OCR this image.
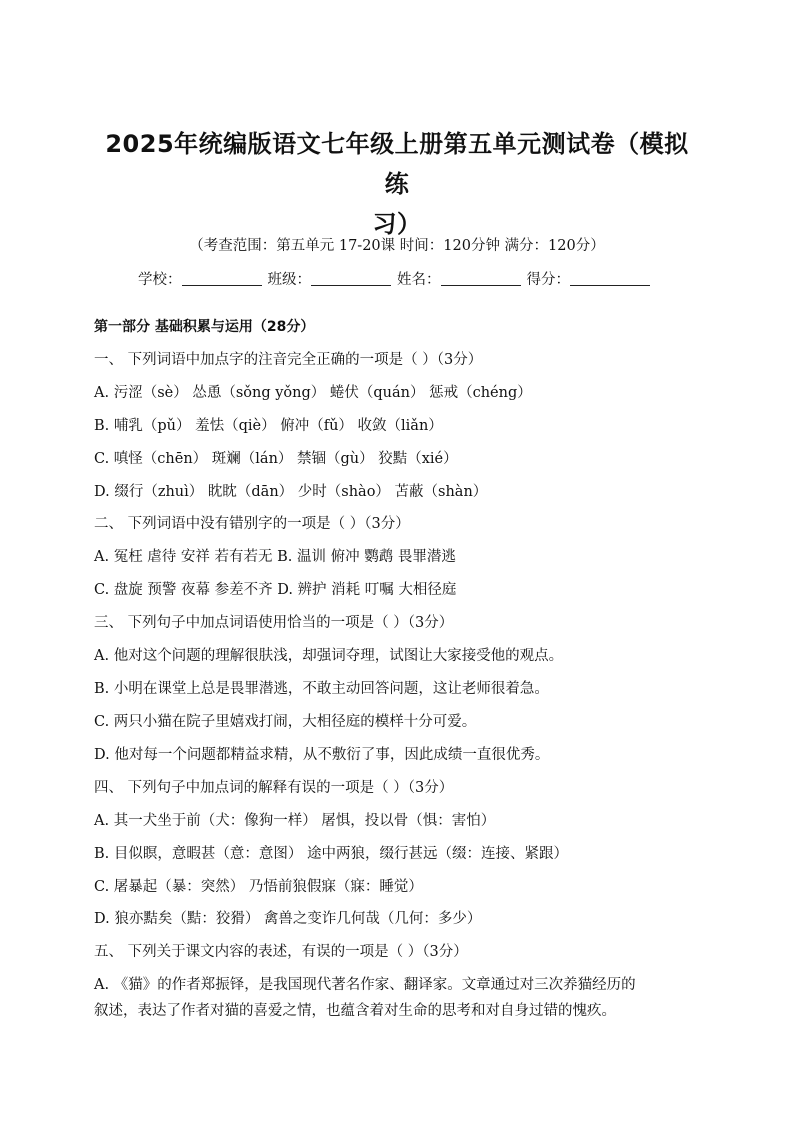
2025年统编版语文七年级上册第五单元测试卷（模拟练
习）
（考查范围：第五单元 17-20课 时间：120分钟 满分：120分）
学校：	班级：	姓名：	得分：
第一部分 基础积累与运用（28分）
一、 下列词语中加点字的注音完全正确的一项是（ ）（3分）
A. 污涩（sè） 怂恿（sǒng yǒng） 蜷伏（quán） 惩戒（chéng）
B. 哺乳（pǔ） 羞怯（qiè） 俯冲（fǔ） 收敛（liǎn）
C. 嗔怪（chēn） 斑斓（lán） 禁锢（gù） 狡黠（xié）
D. 缀行（zhuì） 眈眈（dān） 少时（shào） 苫蔽（shàn）
二、 下列词语中没有错别字的一项是（ ）（3分）
A. 冤枉 虐待 安祥 若有若无 B. 温训 俯冲 鹦鹉 畏罪潜逃
C. 盘旋 预警 夜幕 参差不齐 D. 辨护 消耗 叮嘱 大相径庭
三、 下列句子中加点词语使用恰当的一项是（ ）（3分）
A. 他对这个问题的理解很肤浅，却强词夺理，试图让大家接受他的观点。
B. 小明在课堂上总是畏罪潜逃，不敢主动回答问题，这让老师很着急。
C. 两只小猫在院子里嬉戏打闹，大相径庭的模样十分可爱。
D. 他对每一个问题都精益求精，从不敷衍了事，因此成绩一直很优秀。
四、 下列句子中加点词的解释有误的一项是（ ）（3分）
A. 其一犬坐于前（犬：像狗一样） 屠惧，投以骨（惧：害怕）
B. 目似瞑，意暇甚（意：意图） 途中两狼，缀行甚远（缀：连接、紧跟）
C. 屠暴起（暴：突然） 乃悟前狼假寐（寐：睡觉）
D. 狼亦黠矣（黠：狡猾） 禽兽之变诈几何哉（几何：多少）
五、 下列关于课文内容的表述，有误的一项是（ ）（3分）
A. 《猫》的作者郑振铎，是我国现代著名作家、翻译家。文章通过对三次养猫经历的
叙述，表达了作者对猫的喜爱之情，也蕴含着对生命的思考和对自身过错的愧疚。
